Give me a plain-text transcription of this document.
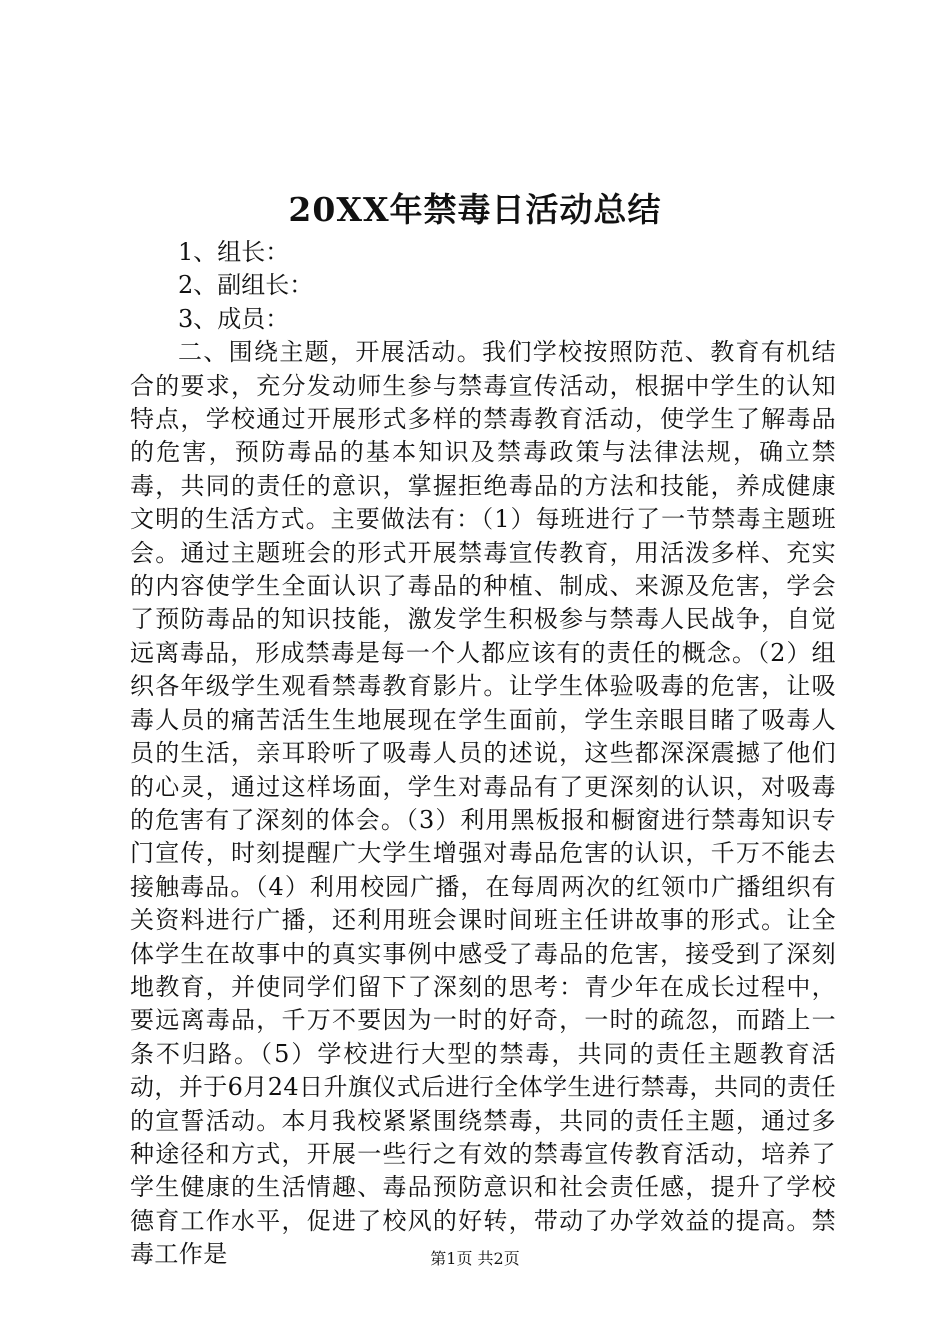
20XX年禁毒日活动总结
1、组长：
2、副组长：
3、成员：

二、围绕主题，开展活动。我们学校按照防范、教育有机结合的要求，充分发动师生参与禁毒宣传活动，根据中学生的认知特点，学校通过开展形式多样的禁毒教育活动，使学生了解毒品的危害，预防毒品的基本知识及禁毒政策与法律法规，确立禁毒，共同的责任的意识，掌握拒绝毒品的方法和技能，养成健康文明的生活方式。主要做法有：（1）每班进行了一节禁毒主题班会。通过主题班会的形式开展禁毒宣传教育，用活泼多样、充实的内容使学生全面认识了毒品的种植、制成、来源及危害，学会了预防毒品的知识技能，激发学生积极参与禁毒人民战争，自觉远离毒品，形成禁毒是每一个人都应该有的责任的概念。（2）组织各年级学生观看禁毒教育影片。让学生体验吸毒的危害，让吸毒人员的痛苦活生生地展现在学生面前，学生亲眼目睹了吸毒人员的生活，亲耳聆听了吸毒人员的述说，这些都深深震撼了他们的心灵，通过这样场面，学生对毒品有了更深刻的认识，对吸毒的危害有了深刻的体会。（3）利用黑板报和橱窗进行禁毒知识专门宣传，时刻提醒广大学生增强对毒品危害的认识，千万不能去接触毒品。（4）利用校园广播，在每周两次的红领巾广播组织有关资料进行广播，还利用班会课时间班主任讲故事的形式。让全体学生在故事中的真实事例中感受了毒品的危害，接受到了深刻地教育，并使同学们留下了深刻的思考：青少年在成长过程中，要远离毒品，千万不要因为一时的好奇，一时的疏忽，而踏上一条不归路。（5）学校进行大型的禁毒，共同的责任主题教育活动，并于6月24日升旗仪式后进行全体学生进行禁毒，共同的责任的宣誓活动。本月我校紧紧围绕禁毒，共同的责任主题，通过多种途径和方式，开展一些行之有效的禁毒宣传教育活动，培养了学生健康的生活情趣、毒品预防意识和社会责任感，提升了学校德育工作水平，促进了校风的好转，带动了办学效益的提高。禁毒工作是	第1页 共2页
